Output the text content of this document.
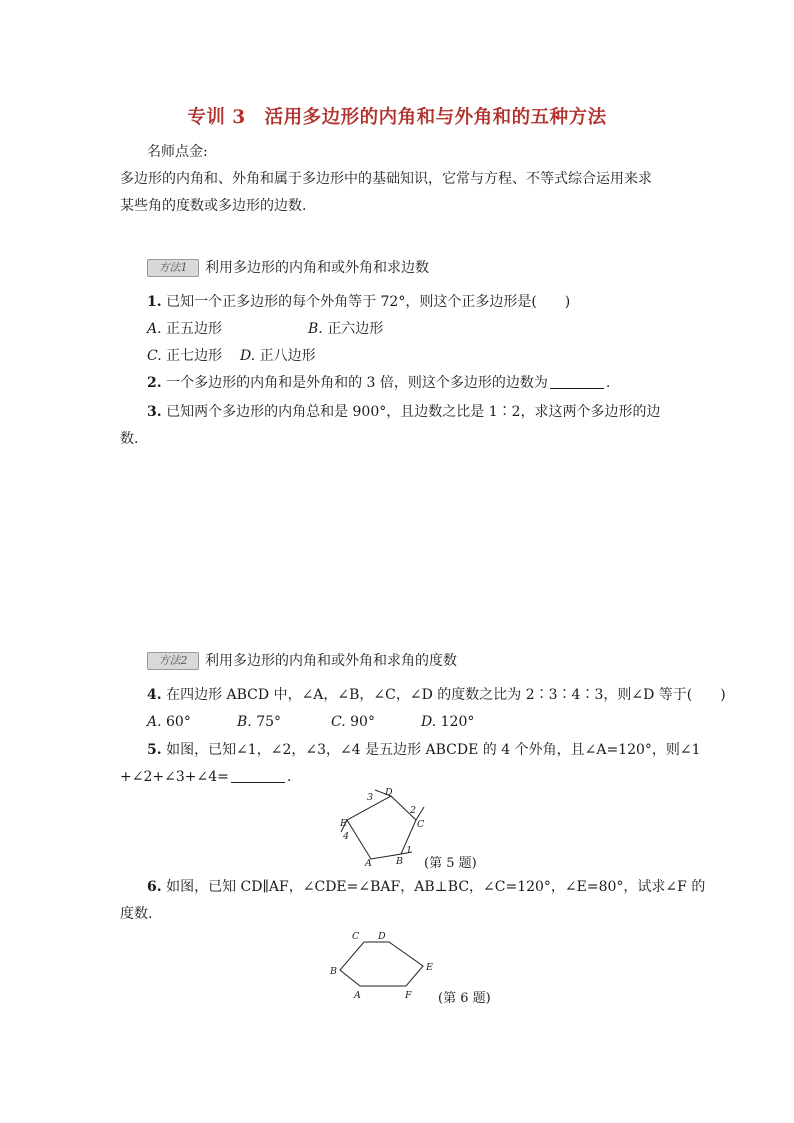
专训 3　活用多边形的内角和与外角和的五种方法
名师点金:
多边形的内角和、外角和属于多边形中的基础知识，它常与方程、不等式综合运用来求
某些角的度数或多边形的边数.
方法1 利用多边形的内角和或外角和求边数
1. 已知一个正多边形的每个外角等于 72°，则这个正多边形是(　　)
A. 正五边形	B. 正六边形
C. 正七边形 D. 正八边形
2. 一个多边形的内角和是外角和的 3 倍，则这个多边形的边数为	.
3. 已知两个多边形的内角总和是 900°，且边数之比是 1∶2，求这两个多边形的边
数.
方法2 利用多边形的内角和或外角和求角的度数
4. 在四边形 ABCD 中，∠A，∠B，∠C，∠D 的度数之比为 2∶3∶4∶3，则∠D 等于(　　)
A. 60°	B. 75°	C. 90°	D. 120°
5. 如图，已知∠1，∠2，∠3，∠4 是五边形 ABCDE 的 4 个外角，且∠A=120°，则∠1
+∠2+∠3+∠4=	.
A	B
C
D
E
1
2
3
4
(第 5 题)
6. 如图，已知 CD∥AF，∠CDE=∠BAF，AB⊥BC，∠C=120°，∠E=80°，试求∠F 的
度数.
A	F
E
D
C
B
(第 6 题)
